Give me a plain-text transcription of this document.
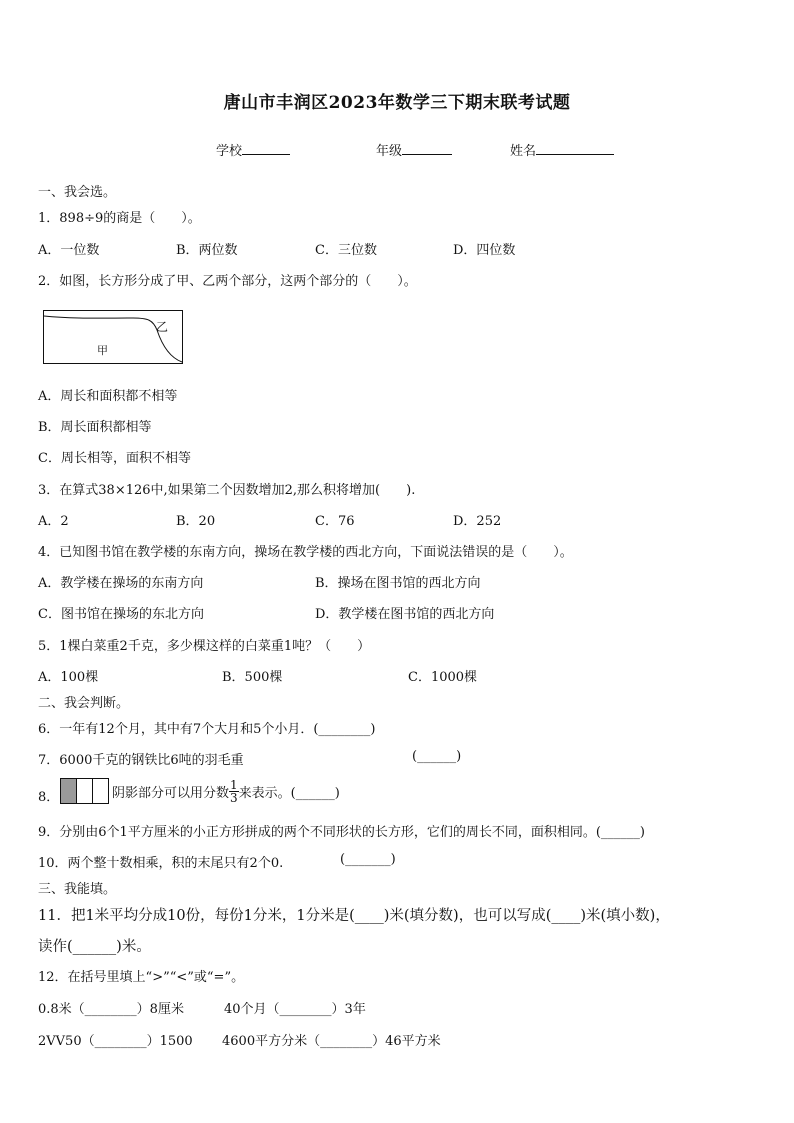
唐山市丰润区2023年数学三下期末联考试题
学校	年级	姓名
一、我会选。
1．898÷9的商是（　　）。
A．一位数	B．两位数	C．三位数	D．四位数
2．如图，长方形分成了甲、乙两个部分，这两个部分的（　　）。
甲
乙
A．周长和面积都不相等
B．周长面积都相等
C．周长相等，面积不相等
3．在算式38×126中,如果第二个因数增加2,那么积将增加(　　).
A．2	B．20	C．76	D．252
4．已知图书馆在教学楼的东南方向，操场在教学楼的西北方向，下面说法错误的是（　　）。
A．教学楼在操场的东南方向	B．操场在图书馆的西北方向
C．图书馆在操场的东北方向	D．教学楼在图书馆的西北方向
5．1棵白菜重2千克，多少棵这样的白菜重1吨？（　　）
A．100棵	B．500棵	C．1000棵
二、我会判断。
6．一年有12个月，其中有7个大月和5个小月．(________)
7．6000千克的钢铁比6吨的羽毛重	(______)
8．	阴影部分可以用分数 $\frac{1}{3}$ 来表示。(______)
9．分别由6个1平方厘米的小正方形拼成的两个不同形状的长方形，它们的周长不同，面积相同。(______)
10．两个整十数相乘，积的末尾只有2个0.	(_______)
三、我能填。
11．把1米平均分成10份，每份1分米，1分米是(____)米(填分数)，也可以写成(____)米(填小数)，
读作(______)米。
12．在括号里填上“>”“<”或“=”。
0.8米（________）8厘米	40个月（________）3年
2VV50（________）1500 4600平方分米（________）46平方米
